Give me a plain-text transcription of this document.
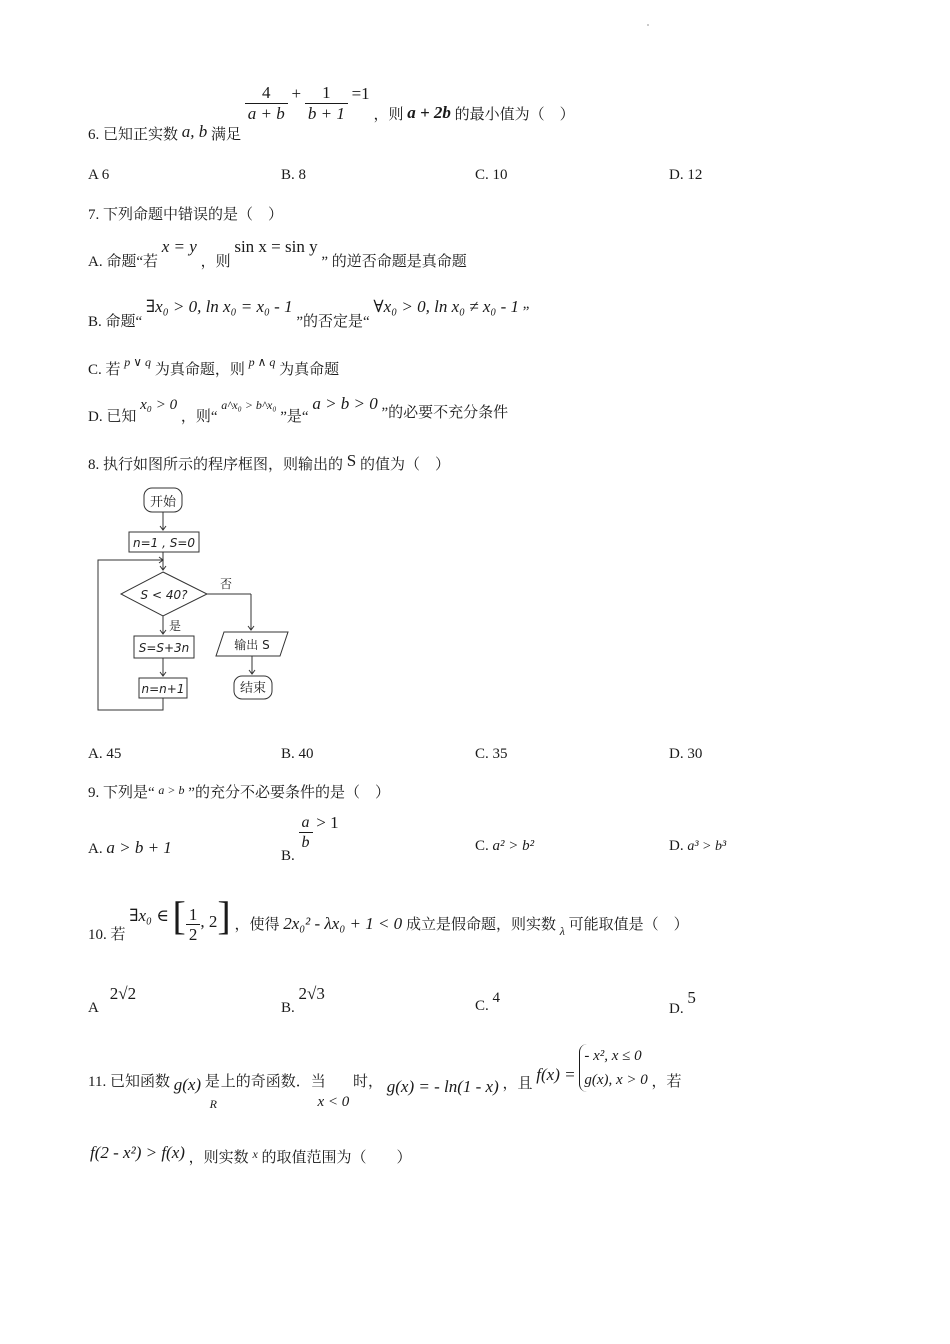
6. 已知正实数 a, b 满足
$\frac{4}{a + b} + \frac{1}{b + 1} =1$ ，则 a + 2b 的最小值为（　）
A 6	B. 8	C. 10	D. 12
7. 下列命题中错误的是（　）
A. 命题“若 x = y ，则 sin x = sin y ” 的逆否命题是真命题
B. 命题“ ∃x₀ > 0, ln x₀ = x₀ - 1 ”的否定是“ ∀x₀ > 0, ln x₀ ≠ x₀ - 1 ”
C. 若 p ∨ q 为真命题，则 p ∧ q 为真命题
D. 已知 x₀ > 0 ，则“ a^x₀ > b^x₀ ”是“ a > b > 0 ”的必要不充分条件
8. 执行如图所示的程序框图，则输出的 S 的值为（　）
开始
n=1 , S=0
S < 40?
否
是
S=S+3n
n=n+1
输出 S
结束
A. 45	B. 40	C. 35	D. 30
9. 下列是“ a > b ”的充分不必要条件的是（　）
A. a > b + 1	B.
$\frac{a}{b} > 1$
C. a² > b²	D. a³ > b³
10. 若 ∃x₀ ∈ [ $\frac{1}{2}$ , 2] ，使得 2x₀² - λx₀ + 1 < 0 成立是假命题，则实数 λ 可能取值是（　）
A 2√2
B. 2√3
C. 4
D. 5
11. 已知函数 g(x) 是 $_R$ 上的奇函数．当 x < 0 时， g(x) = - ln(1 - x) ，且 f(x) =
- x², x ≤ 0
g(x), x > 0 ，若
f(2 - x²) > f(x) ，则实数 x 的取值范围为（　　）
